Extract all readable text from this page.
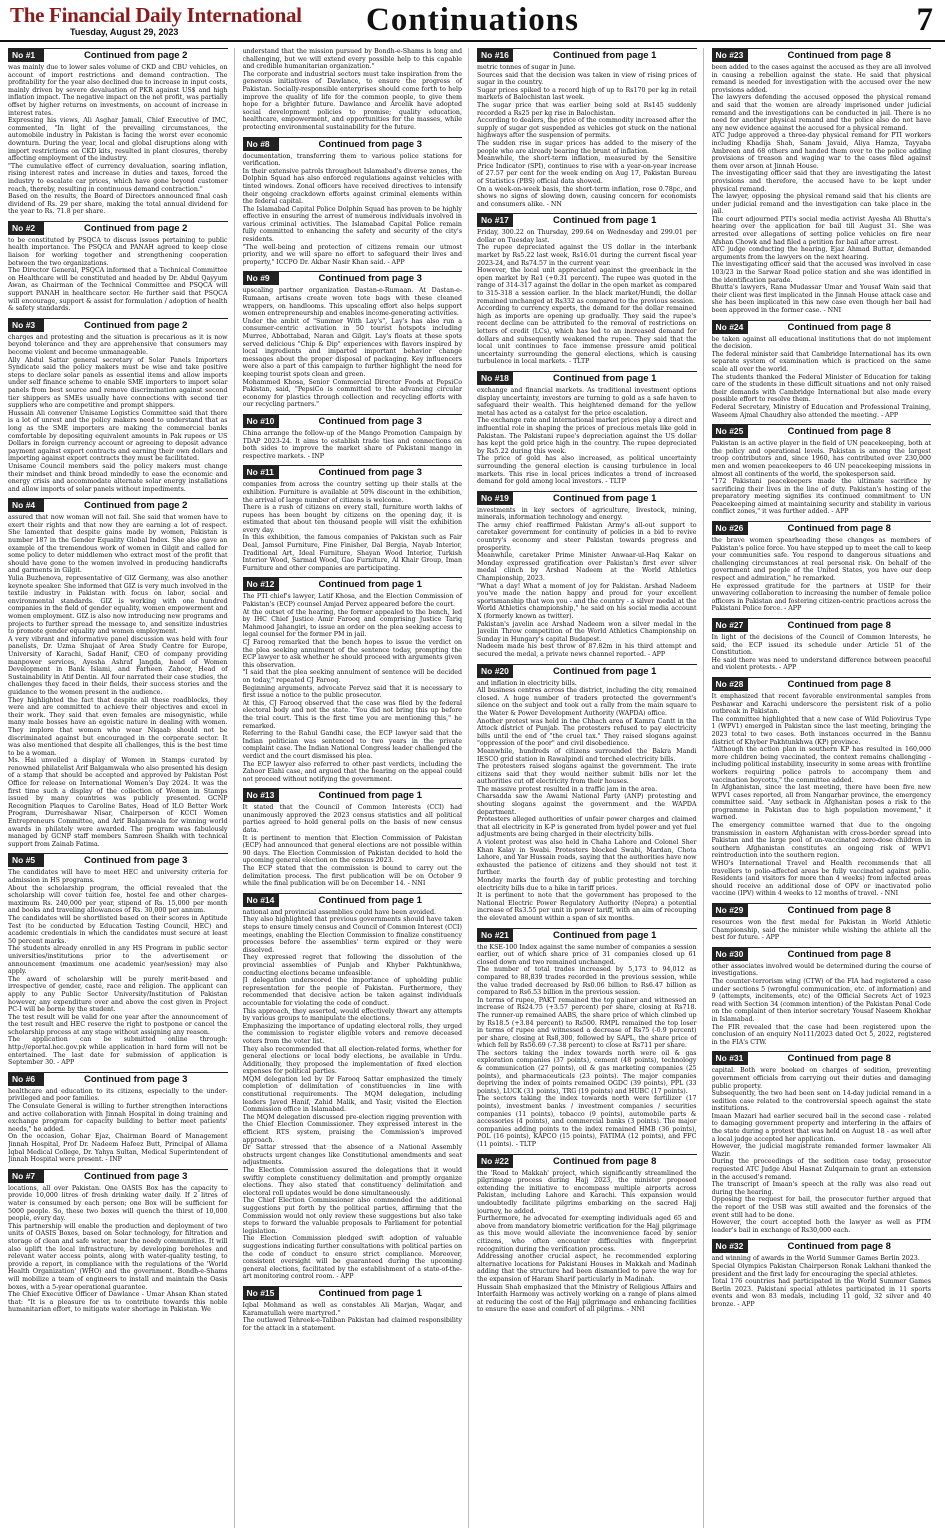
The Financial Daily International
Tuesday, August 29, 2023	Continuations	7
No #1	Continued from page 2

was mainly due to lower sales volume of CKD and CBU vehicles, on account of import restrictions and demand contraction. The profitability for the year also declined due to increase in input costs, mainly driven by severe devaluation of PKR against US$ and high inflation impact. The negative impact on the net profit, was partially offset by higher returns on investments, on account of increase in interest rates.
Expressing his views, Ali Asghar Jamali, Chief Executive of IMC, commented, "In light of the prevailing circumstances, the automobile industry in Pakistan is facing the worst ever economic downturn. During the year, local and global disruptions along with import restrictions on CKD kits, resulted in plant closures, thereby affecting employment of the industry.
"The cumulative effect of currency devaluation, soaring inflation, rising interest rates and increase in duties and taxes, forced the industry to escalate car prices, which have gone beyond customer reach, thereby, resulting in continuous demand contraction."
Based on the results, the Board of Directors announced final cash dividend of Rs. 29 per share, making the total annual dividend for the year to Rs. 71.8 per share.

No #2	Continued from page 2

to be constituted by PSQCA to discuss issues pertaining to public health importance. The PSQCA and PANAH agreed to keep close liaison for working together and strengthening cooperation between the two organizations.
The Director General, PSQCA informed that a Technical Committee on Healthcare will be constituted and headed by Dr. Abdul Qayyum Awan, as Chairman of the Technical Committee and PSQCA will support PANAH in healthcare sector. He further said that PSQCA will encourage, support & assist for formulation / adoption of health & safety standards.

No #3	Continued from page 2

charges and protesting and the situation is precarious as it is now beyond tolerance and they are apprehensive that consumers may become violent and become unmanageable.
Ally Abdul Sattar general secretary of Solar Panels Importers Syndicate said the policy makers must be wise and take positive steps to declare solar panels as essential items and allow imports under self finance scheme to enable SME importers to import solar panels from best source and remove discrimination against second tier shippers as SMEs usually have connections with second tier suppliers who are competitive and prompt shippers.
Hussain Ali convener Unisame Logistics Committee said that there is a lot of unrest and the policy makers need to understand that as long as the SME importers are making the commercial banks comfortable by depositing equivalent amounts in Pak rupees or US Dollars in foreign currency account or agreeing to deposit advance payment against export contracts and earning their own dollars and importing against export contracts they must be facilitated.
Unisame Council members said the policy makers must change their mindset and think broad mindedly to ease the economic and energy crisis and accommodate alternate solar energy installations and allow imports of solar panels without impediments.

No #4	Continued from page 2

assured that now woman will not fail. She said that women have to exert their rights and that now they are earning a lot of respect. She lamented that despite gains made by women, Pakistan is number 187 in the Gender Equality Global Index. She also gave an example of the tremendous work of women in Gilgit and called for some policy to deter middlemen who extract most of the profit that should have gone to the women involved in producing handicrafts and garments in Gilgit.
Yulia Buzhenova, representative of GIZ Germany, was also another keynote speaker. She informed that GIZ is very much involved in the textile industry in Pakistan with focus on labor, social and environmental standards. GIZ is working with one hundred companies in the field of gender equality, women empowerment and women employment. GIZ is also now introducing new programs and projects to further spread the message to, and sensitize industries to promote gender equality and women employment.
A very vibrant and informative panel discussion was held with four panelists, Dr. Uzma Shujaat of Area Study Centre for Europe, University of Karachi, Sadaf Hanif, CEO of company providing manpower services, Ayesha Ashraf Jangda, head of Women Development in Bank Islami, and Farheen Zahoor, Head of Sustainability in Atif Dentin. All four narrated their case studies, the challenges they faced in their fields, their success stories and the guidance to the women present in the audience.
They highlighted the fact that despite all these roadblocks, they were and are committed to achieve their objectives and excel in their work. They said that even females are misogynistic, while many male bosses have an egoistic nature in dealing with women. They implore that women who wear Niqaab should not be discriminated against but encouraged in the corporate sector. It was also mentioned that despite all challenges, this is the best time to be a woman.
Ms. Hai unveiled a display of Women in Stamps curated by renowned philatelist Arif Balgamwala who also presented his design of a stamp that should be accepted and approved by Pakistan Post Office for release on International Women's Day 2024. It was the first time such a display of the collection of Women in Stamps issued by many countries was publicly presented. GCNP Recognition Plaques to Caroline Bates, Head of ILO Better Work Program, Durreshawar Nisar, Chairperson of KCCI Women Entrepreneurs Committee, and Arif Balgamwala for winning world awards in philately were awarded. The program was fabulously managed by GCNP staff members Samreen Shaikh with technical support from Zainab Fatima.

No #5	Continued from page 3

The candidates will have to meet HEC and university criteria for admission in HS programs.
About the scholarship program, the official revealed that the scholarship will cover tuition fee, hostel fee and other charges-maximum Rs. 240,000 per year, stipend of Rs. 15,000 per month and books and traveling allowances of Rs. 30,000 per annum.
The candidates will be shortlisted based on their scores in Aptitude Test (to be conducted by Education Testing Council, HEC) and academic credentials in which the candidates must secure at least 50 percent marks.
The students already enrolled in any HS Program in public sector universities/institutions prior to the advertisement or announcement (maximum one academic year/session) may also apply.
The award of scholarship will be purely merit-based and irrespective of gender, caste, race and religion. The applicant can apply to any Public Sector University/Institution of Pakistan however, any expenditure over and above the cost given in Project PC-I will be borne by the student.
The test result will be valid for one year after the announcement of the test result and HEC reserve the right to postpone or cancel the scholarship process at any stage without assigning any reason.
The application can be submitted online through: http://eportal.hec.gov.pk while application in hard form will not be entertained. The last date for submission of application is September 30. - APP

No #6	Continued from page 3

healthcare and education to its citizens, especially to the under-privileged and poor families.
The Consulate General is willing to further strengthen interactions and active collaboration with Jinnah Hospital in doing training and exchange program for capacity building to better meet patients' needs," he added.
On the occasion, Gohar Ejaz, Chairman Board of Management Jinnah Hospital, Prof Dr. Nadeem Hafeez Butt, Principal of Allama Iqbal Medical College, Dr. Yahya Sultan, Medical Superintendent of Jinnah Hospital were present. - INP

No #7	Continued from page 3

locations, all over Pakistan. One OASIS Box has the capacity to provide 10,000 litres of fresh drinking water daily. If 2 litres of water is consumed by each person; one Box will be sufficient for 5000 people. So, these two boxes will quench the thirst of 10,000 people, every day.
This partnership will enable the production and deployment of two units of OASIS Boxes, based on Solar technology, for filtration and storage of clean and safe water, near the needy communities. It will also uplift the local infrastructure, by developing boreholes and relevant water access points, along with water-quality testing, to provide a report, in compliance with the regulations of the 'World Health Organization' (WHO) and the government. Bondh-e-Shams will mobilize a team of engineers to install and maintain the Oasis boxes, with a 5-year operational guarantee.
The Chief Executive Officer of Dawlance - Umar Ahsan Khan stated that: "It is a pleasure for us to contribute towards this noble humanitarian effort, to mitigate water shortage in Pakistan. We

understand that the mission pursued by Bondh-e-Shams is long and challenging, but we will extend every possible help to this capable and credible humanitarian organization."
The corporate and industrial sectors must take inspiration from the generous initiatives of Dawlance, to ensure the progress of Pakistan. Socially-responsible enterprises should come forth to help improve the quality of life for the common people, to give them hope for a brighter future. Dawlance and Arcelik have adopted social development policies to promise; quality education, healthcare, empowerment, and opportunities for the masses, while protecting environmental sustainability for the future.

No #8	Continued from page 3

documentation, transferring them to various police stations for verification.
In their extensive patrols throughout Islamabad's diverse zones, the Dolphin Squad has also enforced regulations against vehicles with tinted windows. Zonal officers have received directives to intensify their ongoing crackdown efforts against criminal elements within the federal capital.
The Islamabad Capital Police Dolphin Squad has proven to be highly effective in ensuring the arrest of numerous individuals involved in various criminal activities. The Islamabad Capital Police remain fully committed to enhancing the safety and security of the city's residents.
"The well-being and protection of citizens remain our utmost priority, and we will spare no effort to safeguard their lives and property," ICCPO Dr. Akbar Nasir Khan said. - APP

No #9	Continued from page 3

upscaling partner organization Dastan-e-Rumaan. At Dastan-e-Rumaan, artisans create woven tote bags with these cleaned wrappers, on handlooms. This upscaling effort also helps support women entrepreneurship and enables income-generating activities.
Under the ambit of "Summer With Lay's", Lay's has also run a consumer-centric activation in 50 tourist hotspots including Murree, Abbottabad, Naran and Gilgit. Lay's floats at these spots served delicious "Chip & Dip" experiences with flavors inspired by local ingredients and imparted important behavior change messages about the proper disposal of packaging. Key influencers were also a part of this campaign to further highlight the need for keeping tourist spots clean and green.
Mohammed Khosa, Senior Commercial Director Foods at PepsiCo Pakistan, said, "PepsiCo is committed to the advancing circular economy for plastics through collection and recycling efforts with our recycling partners."

No #10	Continued from page 3

China arrange the follow-up of the Mango Promotion Campaign by TDAP 2023-24. It aims to establish trade ties and connections on both sides to improve the market share of Pakistani mango in respective markets. - INP

No #11	Continued from page 3

companies from across the country setting up their stalls at the exhibition. Furniture is available at 50% discount in the exhibition, the arrival of large number of citizens is welcome.
There is a rush of citizens on every stall, furniture worth lakhs of rupees has been bought by citizens on the opening day, it is estimated that about ten thousand people will visit the exhibition every day.
In this exhibition, the famous companies of Pakistan such as Fair Deal, Jamsol Furniture, Fine Finisher, Dal Bergia, Nayab Interior, Traditional Art, Ideal Furniture, Shayan Wood Interior, Turkish Interior Wood, Sarmad Wood, Gao Furniture, Al Khair Group, Iman Furniture and other companies are participating.

No #12	Continued from page 1

The PTI chief's lawyer, Latif Khosa, and the Election Commission of Pakistan's (ECP) counsel Amjad Pervez appeared before the court.
At the outset of the hearing, the former appealed to the bench, led by IHC Chief Justice Amir Farooq and comprising Justice Tariq Mahmood Jahangiri, to issue an order on the plea seeking access to legal counsel for the former PM in jail.
CJ Farooq remarked that the bench hopes to issue the verdict on the plea seeking annulment of the sentence today, prompting the ECP lawyer to ask whether he should proceed with arguments given this observation.
"I said that the plea seeking annulment of sentence will be decided on today," repeated CJ Farooq.
Beginning arguments, advocate Pervez said that it is necessary to first issue a notice to the public prosecutor.
At this, CJ Farooq observed that the case was filed by the federal electoral body and not the state. "You did not bring this up before the trial court. This is the first time you are mentioning this," he remarked.
Referring to the Rahul Gandhi case, the ECP lawyer said that the Indian politician was sentenced to two years in the private complaint case. The Indian National Congress leader challenged the verdict and the court dismissed his plea.
The ECP lawyer also referred to other past verdicts, including the Zahoor Elahi case, and argued that the hearing on the appeal could not proceed without notifying the government.

No #13	Continued from page 1

It stated that the Council of Common Interests (CCI) had unanimously approved the 2023 census statistics and all political parties agreed to hold general polls on the basis of new census data.
It is pertinent to mention that Election Commission of Pakistan (ECP) had announced that general elections are not possible within 90 days. The Election Commission of Pakistan decided to hold the upcoming general election on the census 2023.
The ECP stated that the commission is bound to carry out the delimitation process. The first publication will be on October 9 while the final publication will be on December 14. - NNI

No #14	Continued from page 1

national and provincial assemblies could have been avoided.
They also highlighted that previous governments should have taken steps to ensure timely census and Council of Common Interest (CCI) meetings, enabling the Election Commission to finalize constituency processes before the assemblies' term expired or they were dissolved.
They expressed regret that following the dissolution of the provincial assemblies of Punjab and Khyber Pakhtunkhwa, conducting elections became unfeasible.
JI delegation underscored the importance of upholding public representation for the people of Pakistan. Furthermore, they recommended that decisive action be taken against individuals accountable for violating the code of conduct.
This approach, they asserted, would effectively thwart any attempts by various groups to manipulate the elections.
Emphasizing the importance of updating electoral rolls, they urged the commission to register eligible voters and remove deceased voters from the voter list.
They also recommended that all election-related forms, whether for general elections or local body elections, be available in Urdu. Additionally, they proposed the implementation of fixed election expenses for political parties.
MQM delegation led by Dr Farooq Sattar emphasized the timely completion of delimitation of constituencies in line with constitutional requirements. The MQM delegation, including leaders Javed Hanif, Zahid Malik, and Yasir, visited the Election Commission office in Islamabad.
The MQM delegation discussed pre-election rigging prevention with the Chief Election Commissioner. They expressed interest in the efficient RTS system, praising the Commission's improved approach.
Dr Sattar stressed that the absence of a National Assembly obstructs urgent changes like Constitutional amendments and seat adjustments.
The Election Commission assured the delegations that it would swiftly complete constituency delimitation and promptly organize elections. They also stated that constituency delimitation and electoral roll updates would be done simultaneously.
The Chief Election Commissioner also commended the additional suggestions put forth by the political parties, affirming that the Commission would not only review these suggestions but also take steps to forward the valuable proposals to Parliament for potential legislation.
The Election Commission pledged swift adoption of valuable suggestions indicating further consultations with political parties on the code of conduct to ensure strict compliance. Moreover, consistent oversight will be guaranteed during the upcoming general elections, facilitated by the establishment of a state-of-the-art monitoring control room. - APP

No #15	Continued from page 1

Iqbal Mohmand as well as constables Ali Marjan, Waqar, and Karamatullah were martyred."
The outlawed Tehreek-e-Taliban Pakistan had claimed responsibility for the attack in a statement.

No #16	Continued from page 1

metric tonnes of sugar in June.
Sources said that the decision was taken in view of rising prices of sugar in the country.
Sugar prices spiked to a record high of up to Rs170 per kg in retail markets of Balochistan last week.
The sugar price that was earlier being sold at Rs145 suddenly recorded a Rs25 per kg rise in Balochistan.
According to dealers, the price of the commodity increased after the supply of sugar got suspended as vehicles got stuck on the national highways after the suspension of permits.
The sudden rise in sugar prices has added to the misery of the people who are already bearing the brunt of inflation.
Meanwhile, the short-term inflation, measured by the Sensitive Price Indicator (SPI), continues to rise with a year-on-year increase of 27.57 per cent for the week ending on Aug 17, Pakistan Bureau of Statistics (PBS) official data showed.
On a week-on-week basis, the short-term inflation, rose 0.78pc, and shows no signs of slowing down, causing concern for economists and consumers alike. - NN

No #17	Continued from page 1

Friday, 300.22 on Thursday, 299.64 on Wednesday and 299.01 per dollar on Tuesday last.
The rupee depreciated against the US dollar in the interbank market by Rs5.22 last week, Rs16.01 during the current fiscal year 2023-24, and Rs74.57 in the current year.
However, the local unit appreciated against the greenback in the open market by Re1 (+0.31 percent). The rupee was quoted in the range of 314-317 against the dollar in the open market as compared to 315-318 a session earlier. In the black market/Hundi, the dollar remained unchanged at Rs332 as compared to the previous session.
According to currency experts, the demand for the dollar remained high as imports are opening up gradually. They said the rupee's recent decline can be attributed to the removal of restrictions on letters of credit (LCs), which has led to an increased demand for dollars and subsequently weakened the rupee. They said that the local unit continues to face immense pressure amid political uncertainty surrounding the general elections, which is causing turbulence in local markets. - TLTP

No #18	Continued from page 1

exchange and financial markets. As traditional investment options display uncertainty, investors are turning to gold as a safe haven to safeguard their wealth. This heightened demand for the yellow metal has acted as a catalyst for the price escalation.
The exchange rate and international market prices play a direct and influential role in shaping the prices of precious metals like gold in Pakistan. The Pakistani rupee's depreciation against the US dollar has kept the gold price high in the country. The rupee depreciated by Rs5.22 during this week.
The price of gold has also increased, as political uncertainty surrounding the general election is causing turbulence in local markets. This rise in local prices indicates a trend of increased demand for gold among local investors. - TLTP

No #19	Continued from page 1

investments in key sectors of agriculture, livestock, mining, minerals, information technology and energy.
The army chief reaffirmed Pakistan Army's all-out support to caretaker government for continuity of policies in a bid to revive country's economy and steer Pakistan towards progress and prosperity.
Meanwhile, caretaker Prime Minister Anwaar-ul-Haq Kakar on Monday expressed gratification over Pakistan's first ever silver medal clinch by Arshad Nadeem at the World Athletics Championship, 2023.
"What a day! What a moment of joy for Pakistan. Arshad Nadeem you've made the nation happy and proud for your excellent sportsmanship that won you - and the country - a silver medal at the World Athletics championship," he said on his social media account X (formerly known as twitter).
Pakistan's javelin ace Arshad Nadeem won a silver medal in the Javelin Throw competition of the World Athletics Championship on Sunday in Hungary's capital Budapest.
Nadeem made his best throw of 87.82m in his third attempt and secured the medal, a private news channel reported. - APP

No #20	Continued from page 1

and inflation in electricity bills.
All business centres across the district, including the city, remained closed. A huge number of traders protected the government's silence on the subject and took out a rally from the main square to the Water & Power Development Authority (WAPDA) office.
Another protest was held in the Chhach area of Kamra Cantt in the Attock district of Punjab. The protesters refused to pay electricity bills until the end of "the cruel tax." They raised slogans against "oppression of the poor" and civil disobedience.
Meanwhile, hundreds of citizens surrounded the Bakra Mandi IESCO grid station in Rawalpindi and torched electricity bills.
The protesters raised slogans against the government. The irate citizens said that they would neither submit bills nor let the authorities cut off electricity from their houses.
The massive protest resulted in a traffic jam in the area.
Charsadda saw the Awami National Party (ANP) protesting and shouting slogans against the government and the WAPDA department.
Protesters alleged authorities of unfair power charges and claimed that all electricity in K-P is generated from hydel power and yet fuel adjustments are being charged in their electricity bills.
A violent protest was also held in Chaha Lahore and Colonel Sher Khan Kalay in Swabi. Protesters blocked Swabi, Mardan, Chota Lahore, and Yar Hussain roads, saying that the authorities have now exhausted the patience of citizens and they should not test it further.
Monday marks the fourth day of public protesting and torching electricity bills due to a hike in tariff prices.
It is pertinent to note that the government has proposed to the National Electric Power Regulatory Authority (Nepra) a potential increase of Rs3.55 per unit in power tariff, with an aim of recouping the elevated amount within a span of six months.

No #21	Continued from page 1

the KSE-100 Index against the same number of companies a session earlier, out of which share price of 31 companies closed up 61 closed down and two remained unchanged.
The number of total trades increased by 5,173 to 94,012 as compared to 88,839 trades recorded in the previous session, while the value traded decreased by Rs0.06 billion to Rs6.47 billion as compared to Rs6.53 billion in the previous session.
In terms of rupee, PAKT remained the top gainer and witnessed an increase of Rs24.75 (+3.57 percent) per share, closing at Rs718. The runner-up remained AABS, the share price of which climbed up by Rs18.5 (+3.84 percent) to Rs500. RMPL remained the top loser in terms of rupee and witnessed a decrease of Rs75 (-0.9 percent) per share, closing at Rs8,300, followed by SAPL, the share price of which fell by Rs56.69 (-7.38 percent) to close at Rs711 per share.
The sectors taking the index towards north were oil & gas exploration companies (37 points), cement (48 points), technology & communication (27 points), oil & gas marketing companies (25 points), and pharmaceuticals (23 points). The major companies depriving the index of points remained OGDC (39 points), PPL (33 points), LUCK (31 points), TRG (19 points) and HUBC (17 points).
The sectors taking the index towards north were fertilizer (17 points), investment banks / investment companies / securities companies (11 points), tobacco (9 points), automobile parts & accessories (4 points), and commercial banks (3 points). The major companies adding points to the index remained HMB (36 points), POL (16 points), KAPCO (15 points), FATIMA (12 points), and FFC (11 points). - TLTP

No #22	Continued from page 8

the 'Road to Makkah' project, which significantly streamlined the pilgrimage process during Hajj 2023, the minister proposed extending the initiative to encompass multiple airports across Pakistan, including Lahore and Karachi. This expansion would undoubtedly facilitate pilgrims embarking on the sacred Hajj journey, he added.
Furthermore, he advocated for exempting individuals aged 65 and above from mandatory biometric verification for the Hajj pilgrimage as this move would alleviate the inconvenience faced by senior citizens, who often encounter difficulties with fingerprint recognition during the verification process.
Addressing another crucial aspect, he recommended exploring alternative locations for Pakistani Houses in Makkah and Madinah adding that the structure had been dismantled to pave the way for the expansion of Haram Sharif particularly in Madinah.
Hussain Shah emphasized that the Ministry of Religious Affairs and Interfaith Harmony was actively working on a range of plans aimed at reducing the cost of the Hajj pilgrimage and enhancing facilities to ensure the ease and comfort of all pilgrims. - NNI

No #23	Continued from page 8

been added to the cases against the accused as they are all involved in causing a rebellion against the state. He said that physical remand is needed for investigation with the accused over the new provisions added.
The lawyers defending the accused opposed the physical remand and said that the women are already imprisoned under judicial remand and the investigations can be conducted in jail. There is no need for another physical remand and the police also do not have any new evidence against the accused for a physical remand.
ATC Judge approved a three-day physical remand for PTI workers including Khadija Shah, Sanam Javaid, Aliya Hamza, Tayyaba Ambreen and 68 others and handed them over to the police adding provisions of treason and waging war to the cases filed against them over arson at Jinnah House.
The investigating officer said that they are investigating the latest provisions and therefore, the accused have to be kept under physical remand.
The lawyer, opposing the physical remand said that his clients are under judicial remand and the investigation can take place in the jail.
The court adjourned PTI's social media activist Ayesha Ali Bhutta's hearing over the application for bail till August 31. She was arrested over allegations of setting police vehicles on fire near Afshan Chowk and had filed a petition for bail after arrest.
ATC judge conducting the hearing, Ejaz Ahmad Buttar, demanded arguments from the lawyers on the next hearing.
The investigating officer said that the accused was involved in case 103/23 in the Sarwar Road police station and she was identified in the identification parade.
Bhutta's lawyers, Rana Mudassar Umar and Yousaf Wain said that their client was first implicated in the Jinnah House attack case and she has been implicated in this new case even though her bail had been approved in the former case. - NNI

No #24	Continued from page 8

be taken against all educational institutions that do not implement the decision.
The federal minister said that Cambridge International has its own separate system of examination which is practiced on the same scale all over the world.
The students thanked the Federal Minister of Education for taking care of the students in these difficult situations and not only raised their demands with Cambridge International but also made every possible effort to resolve them.
Federal Secretary, Ministry of Education and Professional Training, Waseem Ajmal Chaudhry also attended the meeting. - APP

No #25	Continued from page 8

Pakistan is an active player in the field of UN peacekeeping, both at the policy and operational levels. Pakistan is among the largest troop contributors and, since 1960, has contributed over 230,000 men and women peacekeepers to 46 UN peacekeeping missions in almost all continents of the world, the spokesperson said.
"172 Pakistani peacekeepers made the ultimate sacrifice by sacrificing their lives in the line of duty. Pakistan's hosting of the preparatory meeting signifies its continued commitment to UN Peacekeeping aimed at maintaining security and stability in various conflict zones," it was further added. - APP

No #26	Continued from page 8

the brave women spearheading these changes as members of Pakistan's police force. You have stepped up to meet the call to keep your communities safe. You respond to dangerous situations and challenging circumstances at real personal risk. On behalf of the government and people of the United States, you have our deep respect and admiration," he remarked.
He expressed gratitude for the partners at USIP for their unwavering collaboration to increasing the number of female police officers in Pakistan and fostering citizen-centric practices across the Pakistani Police force. - APP

No #27	Continued from page 8

In light of the decisions of the Council of Common Interests, he said, the ECP issued its schedule under Article 51 of the Constitution.
He said there was need to understand difference between peaceful and violent protests. - APP

No #28	Continued from page 8

It emphasized that recent favorable environmental samples from Peshawar and Karachi underscore the persistent risk of a polio outbreak in Pakistan.
The committee highlighted that a new case of Wild Poliovirus Type 1 (WPV1) emerged in Pakistan since the last meeting, bringing the 2023 total to two cases. Both instances occurred in the Bannu district of Khyber Pakhtunkhwa (KP) province.
"Although the action plan in southern KP has resulted in 160,000 more children being vaccinated, the context remains challenging - including political instability, insecurity in some areas with frontline workers requiring police patrols to accompany them and vaccination boycotts," the committee added.
In Afghanistan, since the last meeting, there have been five new WPV1 cases reported, all from Nangarhar province, the emergency committee said. "Any setback in Afghanistan poses a risk to the programme in Pakistan due to high population movement," it warned.
The emergency committee warned that due to the ongoing transmission in eastern Afghanistan with cross-border spread into Pakistan and the large pool of un-vaccinated zero-dose children in southern Afghanistan constitutes an ongoing risk of WPV1 reintroduction into the southern region.
WHO's International Travel and Health recommends that all travellers to polio-affected areas be fully vaccinated against polio. Residents (and visitors for more than 4 weeks) from infected areas should receive an additional dose of OPV or inactivated polio vaccine (IPV) within 4 weeks to 12 months of travel. - NNI

No #29	Continued from page 8

resources won the first medal for Pakistan in World Athletic Championship, said the minister while wishing the athlete all the best for future. - APP

No #30	Continued from page 8

other associates involved would be determined during the course of investigations.
The counter-terrorism wing (CTW) of the FIA had registered a case under sections 5 (wrongful communication, etc. of information) and 9 (attempts, incitements, etc) of the Official Secrets Act of 1923 read with Section 34 (common intention) of the Pakistan Penal Code on the complaint of then interior secretary Yousaf Naseem Khokhar in Islamabad.
The FIR revealed that the case had been registered upon the conclusion of an enquiry No111/2023 dated Oct 5, 2022, registered in the FIA's CTW.

No #31	Continued from page 8

capital. Both were booked on charges of sedition, preventing government officials from carrying out their duties and damaging public property.
Subsequently, the two had been sent on 14-day judicial remand in a sedition case related to the controversial speech against the state institutions.
Imaan Mazari had earlier secured bail in the second case - related to damaging government property and interfering in the affairs of the state during a protest that was held on August 18 - as well after a local judge accepted her application.
However, the judicial magistrate remanded former lawmaker Ali Wazir.
During the proceedings of the sedition case today, prosecutor requested ATC Judge Abul Hasnat Zulqarnain to grant an extension in the accused's remand.
The transcript of Imaan's speech at the rally was also read out during the hearing.
Opposing the request for bail, the prosecutor further argued that the report of the USB was still awaited and the forensics of the event still had to be done.
However, the court accepted both the lawyer as well as PTM leader's bail in exchange of Rs30,000 each.

No #32	Continued from page 8

and winning of awards in the World Summer Games Berlin 2023.
Special Olympics Pakistan Chairperson Ronak Lakhani thanked the president and the first lady for encouraging the special athletes.
Total 176 countries had participated in the World Summer Games Berlin 2023. Pakistani special athletes participated in 11 sports events and won 83 medals, including 11 gold, 32 silver and 40 bronze. - APP
